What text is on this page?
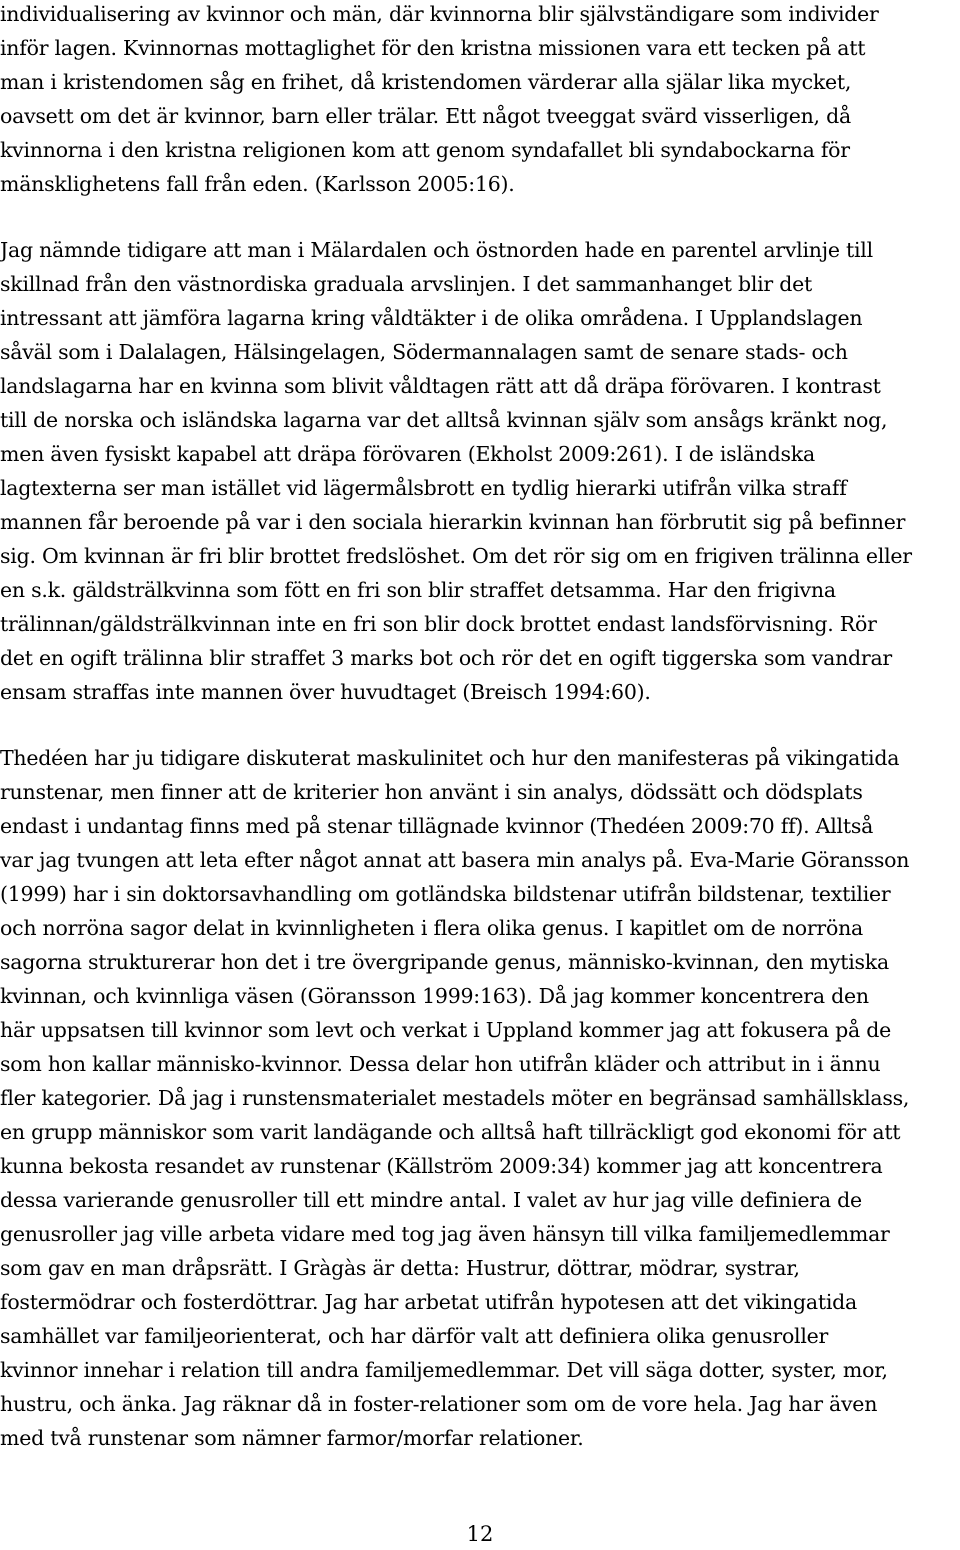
individualisering av kvinnor och män, där kvinnorna blir självständigare som individer
inför lagen. Kvinnornas mottaglighet för den kristna missionen vara ett tecken på att
man i kristendomen såg en frihet, då kristendomen värderar alla själar lika mycket,
oavsett om det är kvinnor, barn eller trälar. Ett något tveeggat svärd visserligen, då
kvinnorna i den kristna religionen kom att genom syndafallet bli syndabockarna för
mänsklighetens fall från eden. (Karlsson 2005:16).
Jag nämnde tidigare att man i Mälardalen och östnorden hade en parentel arvlinje till
skillnad från den västnordiska graduala arvslinjen. I det sammanhanget blir det
intressant att jämföra lagarna kring våldtäkter i de olika områdena. I Upplandslagen
såväl som i Dalalagen, Hälsingelagen, Södermannalagen samt de senare stads- och
landslagarna har en kvinna som blivit våldtagen rätt att då dräpa förövaren. I kontrast
till de norska och isländska lagarna var det alltså kvinnan själv som ansågs kränkt nog,
men även fysiskt kapabel att dräpa förövaren (Ekholst 2009:261). I de isländska
lagtexterna ser man istället vid lägermålsbrott en tydlig hierarki utifrån vilka straff
mannen får beroende på var i den sociala hierarkin kvinnan han förbrutit sig på befinner
sig. Om kvinnan är fri blir brottet fredslöshet. Om det rör sig om en frigiven trälinna eller
en s.k. gäldsträlkvinna som fött en fri son blir straffet detsamma. Har den frigivna
trälinnan/gäldsträlkvinnan inte en fri son blir dock brottet endast landsförvisning. Rör
det en ogift trälinna blir straffet 3 marks bot och rör det en ogift tiggerska som vandrar
ensam straffas inte mannen över huvudtaget (Breisch 1994:60).
Thedéen har ju tidigare diskuterat maskulinitet och hur den manifesteras på vikingatida
runstenar, men finner att de kriterier hon använt i sin analys, dödssätt och dödsplats
endast i undantag finns med på stenar tillägnade kvinnor (Thedéen 2009:70 ff). Alltså
var jag tvungen att leta efter något annat att basera min analys på. Eva-Marie Göransson
(1999) har i sin doktorsavhandling om gotländska bildstenar utifrån bildstenar, textilier
och norröna sagor delat in kvinnligheten i flera olika genus. I kapitlet om de norröna
sagorna strukturerar hon det i tre övergripande genus, människo-kvinnan, den mytiska
kvinnan, och kvinnliga väsen (Göransson 1999:163). Då jag kommer koncentrera den
här uppsatsen till kvinnor som levt och verkat i Uppland kommer jag att fokusera på de
som hon kallar människo-kvinnor. Dessa delar hon utifrån kläder och attribut in i ännu
fler kategorier. Då jag i runstensmaterialet mestadels möter en begränsad samhällsklass,
en grupp människor som varit landägande och alltså haft tillräckligt god ekonomi för att
kunna bekosta resandet av runstenar (Källström 2009:34) kommer jag att koncentrera
dessa varierande genusroller till ett mindre antal. I valet av hur jag ville definiera de
genusroller jag ville arbeta vidare med tog jag även hänsyn till vilka familjemedlemmar
som gav en man dråpsrätt. I Gràgàs är detta: Hustrur, döttrar, mödrar, systrar,
fostermödrar och fosterdöttrar. Jag har arbetat utifrån hypotesen att det vikingatida
samhället var familjeorienterat, och har därför valt att definiera olika genusroller
kvinnor innehar i relation till andra familjemedlemmar. Det vill säga dotter, syster, mor,
hustru, och änka. Jag räknar då in foster-relationer som om de vore hela. Jag har även
med två runstenar som nämner farmor/morfar relationer.
12
